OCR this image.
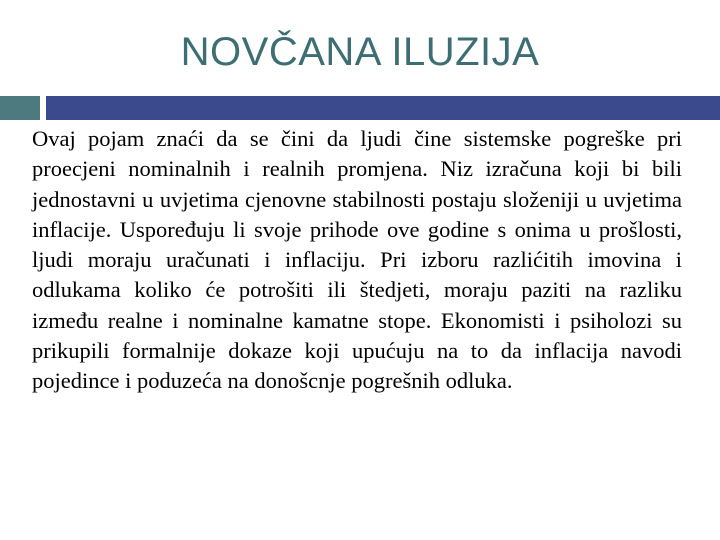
NOVČANA ILUZIJA

Ovaj pojam znaći da se čini da ljudi čine sistemske pogreške pri proecjeni nominalnih i realnih promjena. Niz izračuna koji bi bili jednostavni u uvjetima cjenovne stabilnosti postaju složeniji u uvjetima inflacije. Uspoređuju li svoje prihode ove godine s onima u prošlosti, ljudi moraju uračunati i inflaciju. Pri izboru razlićitih imovina i odlukama koliko će potrošiti ili štedjeti, moraju paziti na razliku između realne i nominalne kamatne stope. Ekonomisti i psiholozi su prikupili formalnije dokaze koji upućuju na to da inflacija navodi pojedince i poduzeća na donošcnje pogrešnih odluka.
